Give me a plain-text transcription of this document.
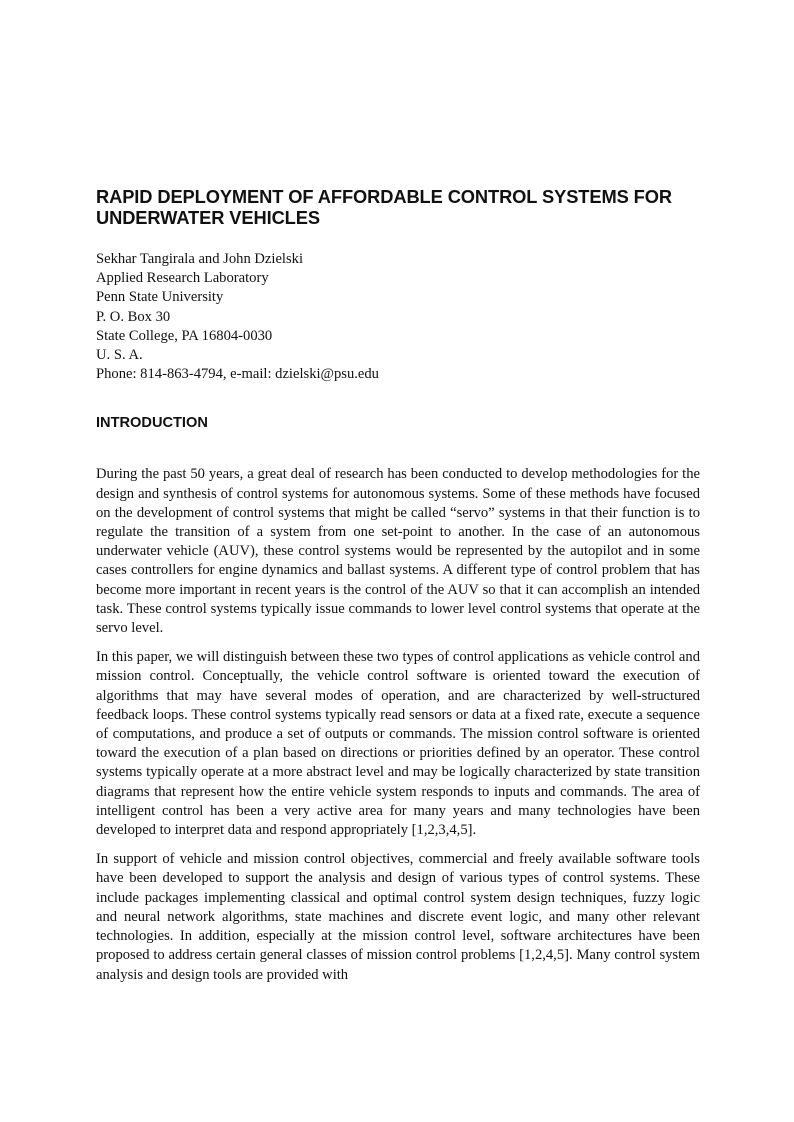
RAPID DEPLOYMENT OF AFFORDABLE CONTROL SYSTEMS FOR UNDERWATER VEHICLES
Sekhar Tangirala and John Dzielski
Applied Research Laboratory
Penn State University
P. O. Box 30
State College, PA 16804-0030
U. S. A.
Phone: 814-863-4794, e-mail: dzielski@psu.edu
INTRODUCTION

During the past 50 years, a great deal of research has been conducted to develop methodologies for the design and synthesis of control systems for autonomous systems. Some of these methods have focused on the development of control systems that might be called “servo” systems in that their function is to regulate the transition of a system from one set-point to another. In the case of an autonomous underwater vehicle (AUV), these control systems would be represented by the autopilot and in some cases controllers for engine dynamics and ballast systems. A different type of control problem that has become more important in recent years is the control of the AUV so that it can accomplish an intended task. These control systems typically issue commands to lower level control systems that operate at the servo level.

In this paper, we will distinguish between these two types of control applications as vehicle control and mission control. Conceptually, the vehicle control software is oriented toward the execution of algorithms that may have several modes of operation, and are characterized by well-structured feedback loops. These control systems typically read sensors or data at a fixed rate, execute a sequence of computations, and produce a set of outputs or commands. The mission control software is oriented toward the execution of a plan based on directions or priorities defined by an operator. These control systems typically operate at a more abstract level and may be logically characterized by state transition diagrams that represent how the entire vehicle system responds to inputs and commands. The area of intelligent control has been a very active area for many years and many technologies have been developed to interpret data and respond appropriately [1,2,3,4,5].

In support of vehicle and mission control objectives, commercial and freely available software tools have been developed to support the analysis and design of various types of control systems. These include packages implementing classical and optimal control system design techniques, fuzzy logic and neural network algorithms, state machines and discrete event logic, and many other relevant technologies. In addition, especially at the mission control level, software architectures have been proposed to address certain general classes of mission control problems [1,2,4,5]. Many control system analysis and design tools are provided with
